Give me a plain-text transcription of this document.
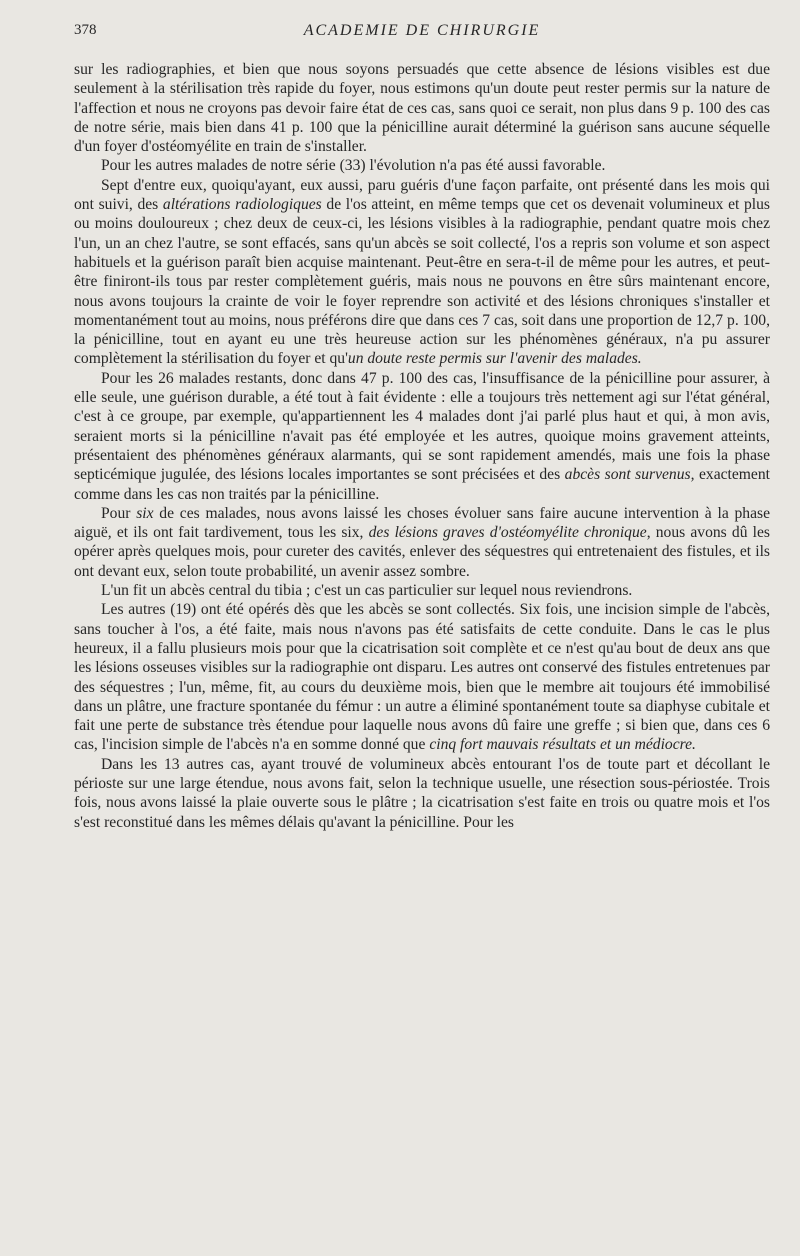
378	ACADEMIE DE CHIRURGIE

sur les radiographies, et bien que nous soyons persuadés que cette absence de lésions visibles est due seulement à la stérilisation très rapide du foyer, nous estimons qu'un doute peut rester permis sur la nature de l'affection et nous ne croyons pas devoir faire état de ces cas, sans quoi ce serait, non plus dans 9 p. 100 des cas de notre série, mais bien dans 41 p. 100 que la pénicilline aurait déterminé la guérison sans aucune séquelle d'un foyer d'ostéomyélite en train de s'installer.

Pour les autres malades de notre série (33) l'évolution n'a pas été aussi favorable.

Sept d'entre eux, quoiqu'ayant, eux aussi, paru guéris d'une façon parfaite, ont présenté dans les mois qui ont suivi, des altérations radiologiques de l'os atteint, en même temps que cet os devenait volumineux et plus ou moins douloureux ; chez deux de ceux-ci, les lésions visibles à la radiographie, pendant quatre mois chez l'un, un an chez l'autre, se sont effacés, sans qu'un abcès se soit collecté, l'os a repris son volume et son aspect habituels et la guérison paraît bien acquise maintenant. Peut-être en sera-t-il de même pour les autres, et peut-être finiront-ils tous par rester complètement guéris, mais nous ne pouvons en être sûrs maintenant encore, nous avons toujours la crainte de voir le foyer reprendre son activité et des lésions chroniques s'installer et momentanément tout au moins, nous préférons dire que dans ces 7 cas, soit dans une proportion de 12,7 p. 100, la pénicilline, tout en ayant eu une très heureuse action sur les phénomènes généraux, n'a pu assurer complètement la stérilisation du foyer et qu'un doute reste permis sur l'avenir des malades.

Pour les 26 malades restants, donc dans 47 p. 100 des cas, l'insuffisance de la pénicilline pour assurer, à elle seule, une guérison durable, a été tout à fait évidente : elle a toujours très nettement agi sur l'état général, c'est à ce groupe, par exemple, qu'appartiennent les 4 malades dont j'ai parlé plus haut et qui, à mon avis, seraient morts si la pénicilline n'avait pas été employée et les autres, quoique moins gravement atteints, présentaient des phénomènes généraux alarmants, qui se sont rapidement amendés, mais une fois la phase septicémique jugulée, des lésions locales importantes se sont précisées et des abcès sont survenus, exactement comme dans les cas non traités par la pénicilline.

Pour six de ces malades, nous avons laissé les choses évoluer sans faire aucune intervention à la phase aiguë, et ils ont fait tardivement, tous les six, des lésions graves d'ostéomyélite chronique, nous avons dû les opérer après quelques mois, pour cureter des cavités, enlever des séquestres qui entretenaient des fistules, et ils ont devant eux, selon toute probabilité, un avenir assez sombre.

L'un fit un abcès central du tibia ; c'est un cas particulier sur lequel nous reviendrons.

Les autres (19) ont été opérés dès que les abcès se sont collectés. Six fois, une incision simple de l'abcès, sans toucher à l'os, a été faite, mais nous n'avons pas été satisfaits de cette conduite. Dans le cas le plus heureux, il a fallu plusieurs mois pour que la cicatrisation soit complète et ce n'est qu'au bout de deux ans que les lésions osseuses visibles sur la radiographie ont disparu. Les autres ont conservé des fistules entretenues par des séquestres ; l'un, même, fit, au cours du deuxième mois, bien que le membre ait toujours été immobilisé dans un plâtre, une fracture spontanée du fémur : un autre a éliminé spontanément toute sa diaphyse cubitale et fait une perte de substance très étendue pour laquelle nous avons dû faire une greffe ; si bien que, dans ces 6 cas, l'incision simple de l'abcès n'a en somme donné que cinq fort mauvais résultats et un médiocre.

Dans les 13 autres cas, ayant trouvé de volumineux abcès entourant l'os de toute part et décollant le périoste sur une large étendue, nous avons fait, selon la technique usuelle, une résection sous-périostée. Trois fois, nous avons laissé la plaie ouverte sous le plâtre ; la cicatrisation s'est faite en trois ou quatre mois et l'os s'est reconstitué dans les mêmes délais qu'avant la pénicilline. Pour les
